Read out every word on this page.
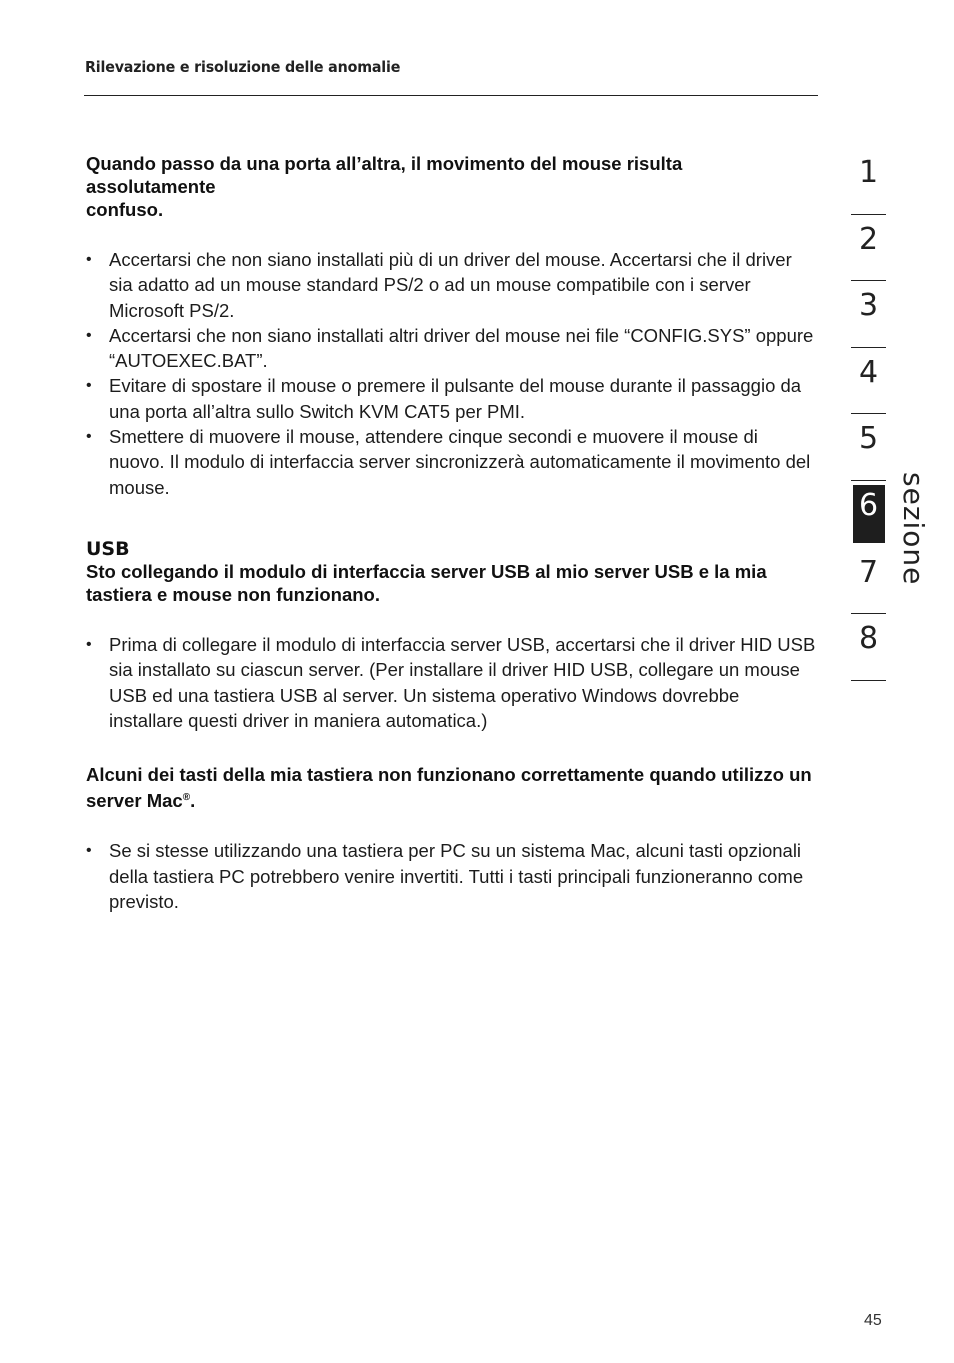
Rilevazione e risoluzione delle anomalie

Quando passo da una porta all’altra, il movimento del mouse risulta
assolutamente
confuso.

• Accertarsi che non siano installati più di un driver del mouse. Accertarsi che il driver sia adatto ad un mouse standard PS/2 o ad un mouse compatibile con i server Microsoft PS/2.
• Accertarsi che non siano installati altri driver del mouse nei file “CONFIG.SYS” oppure “AUTOEXEC.BAT”.
• Evitare di spostare il mouse o premere il pulsante del mouse durante il passaggio da una porta all’altra sullo Switch KVM CAT5 per PMI.
• Smettere di muovere il mouse, attendere cinque secondi e muovere il mouse di nuovo. Il modulo di interfaccia server sincronizzerà automaticamente il movimento del mouse.
USB

Sto collegando il modulo di interfaccia server USB al mio server USB e la mia tastiera e mouse non funzionano.

• Prima di collegare il modulo di interfaccia server USB, accertarsi che il driver HID USB sia installato su ciascun server. (Per installare il driver HID USB, collegare un mouse USB ed una tastiera USB al server. Un sistema operativo Windows dovrebbe installare questi driver in maniera automatica.)

Alcuni dei tasti della mia tastiera non funzionano correttamente quando utilizzo un server Mac®.

• Se si stesse utilizzando una tastiera per PC su un sistema Mac, alcuni tasti opzionali della tastiera PC potrebbero venire invertiti. Tutti i tasti principali funzioneranno come previsto.
1
2
3
4
5
6
7
8
sezione
45
